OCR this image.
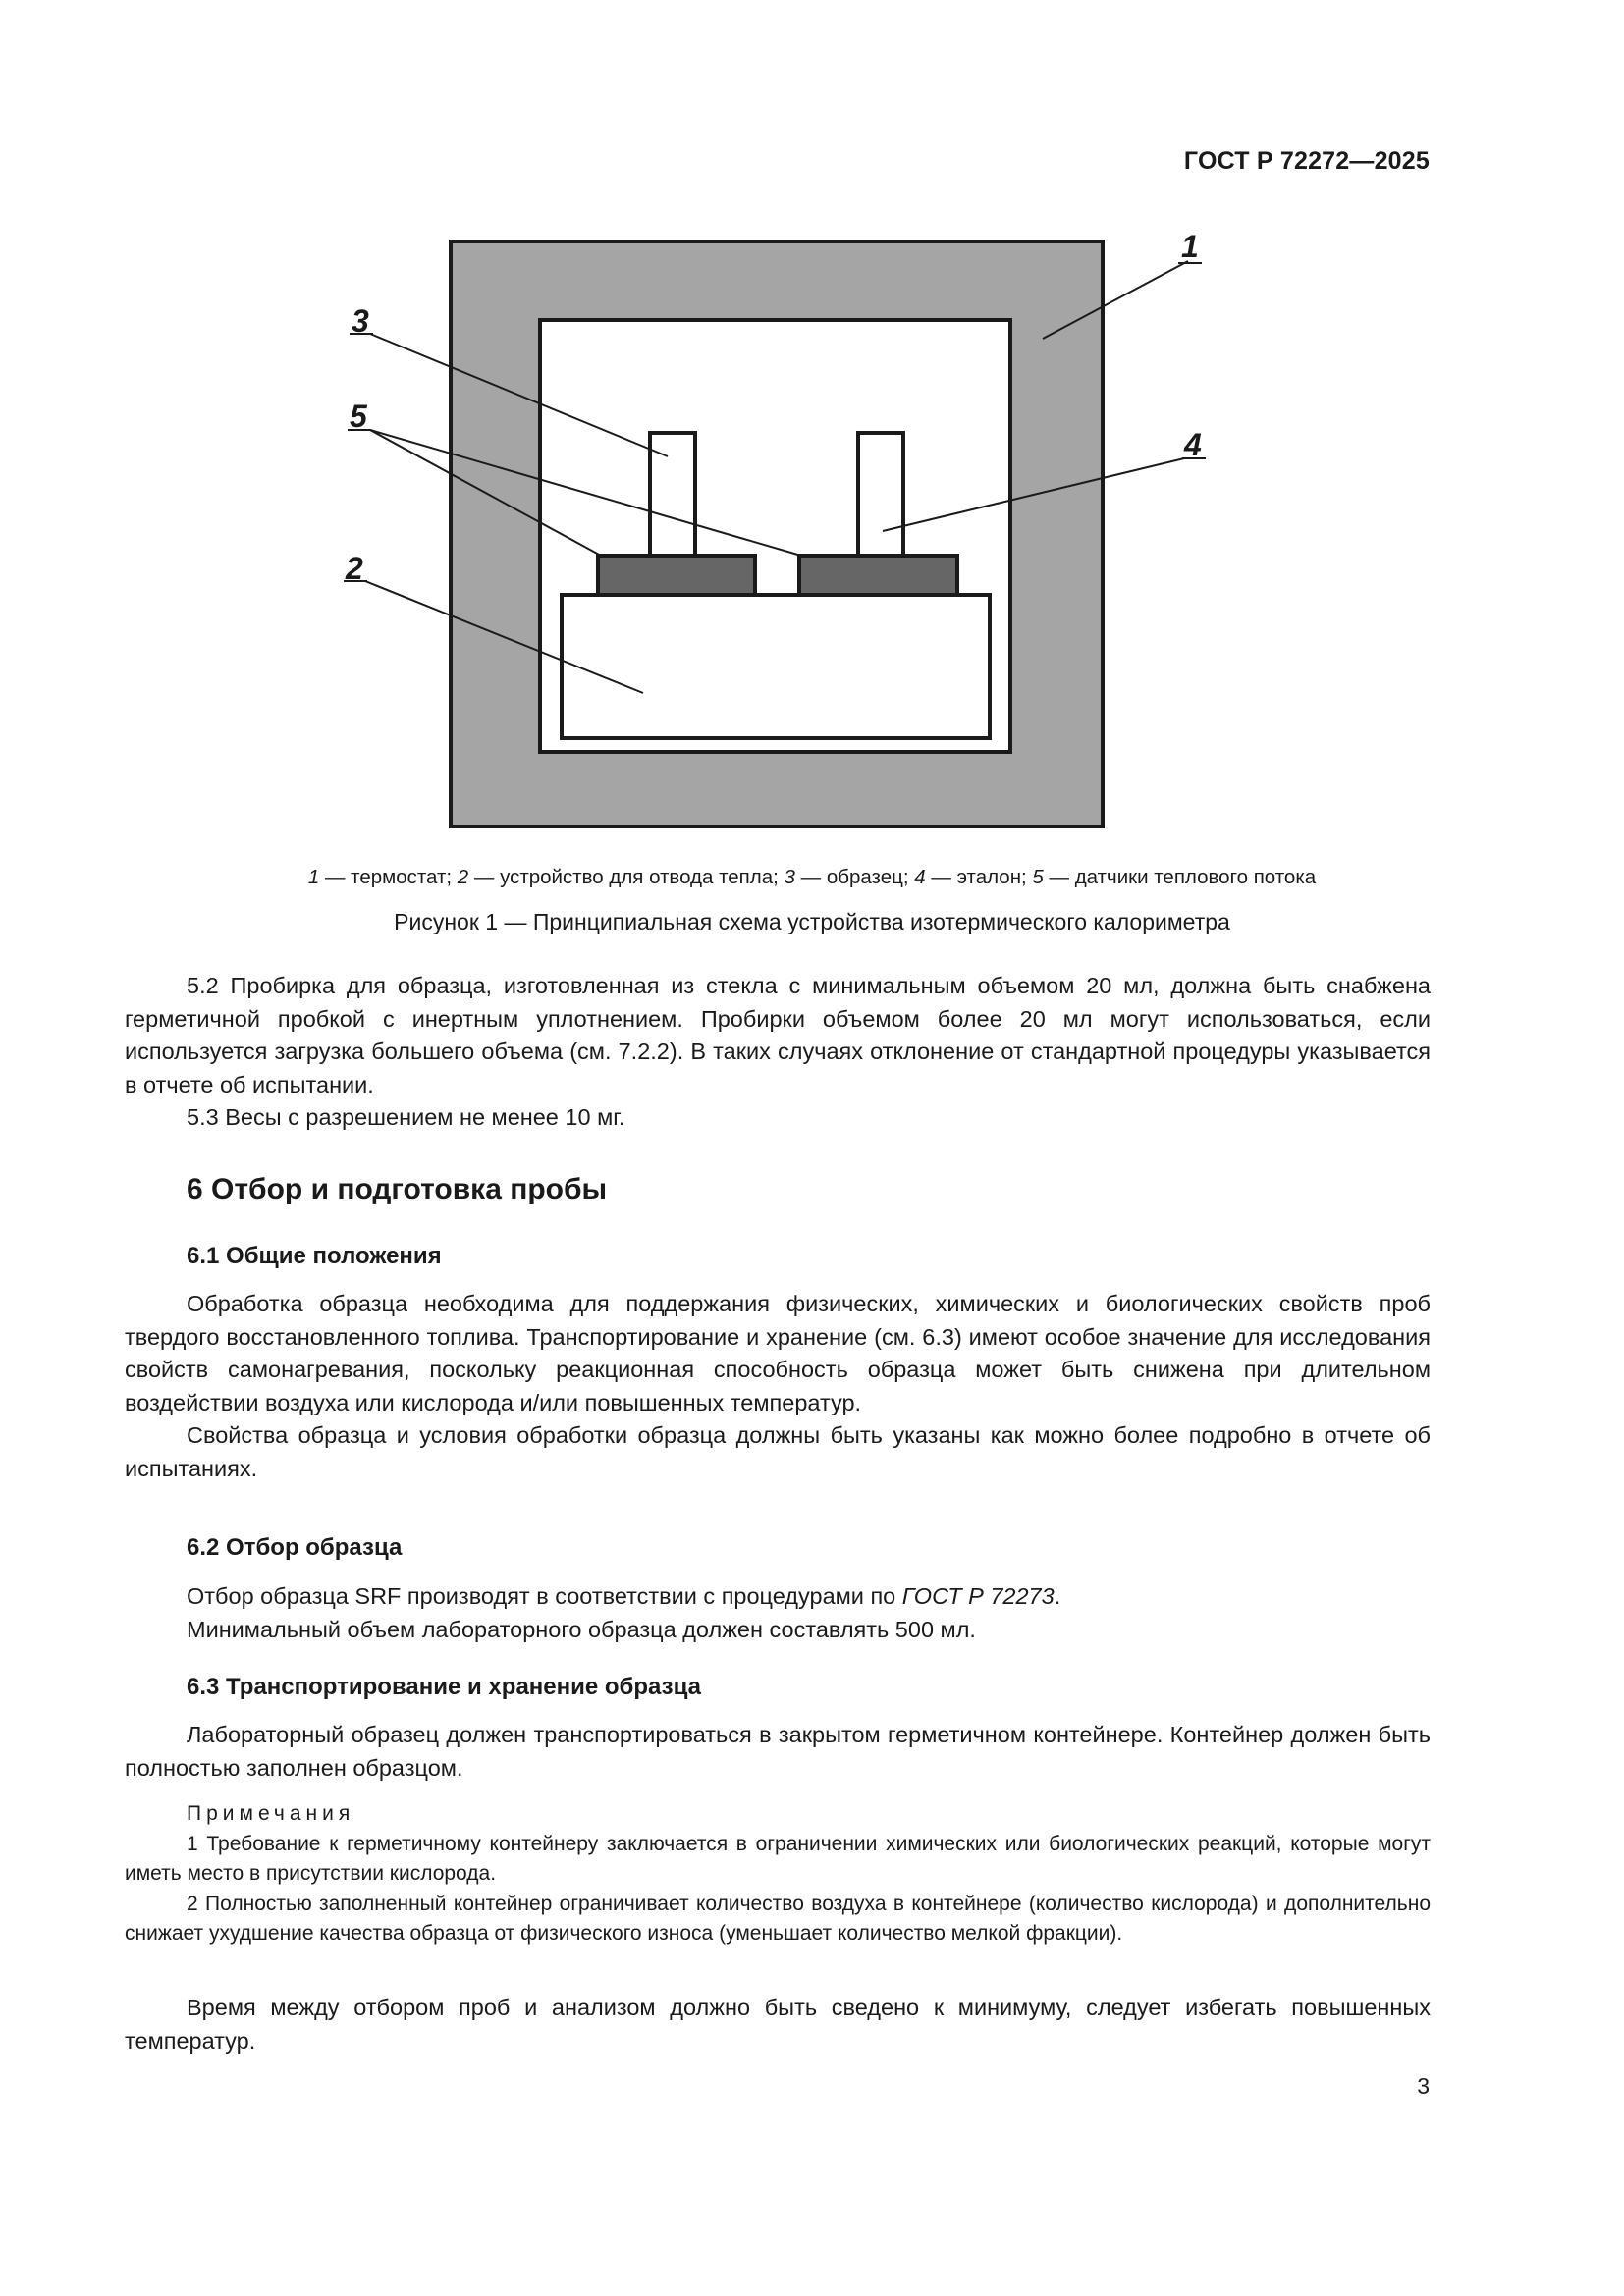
ГОСТ Р 72272—2025
1
3
5
4
2
1 — термостат; 2 — устройство для отвода тепла; 3 — образец; 4 — эталон; 5 — датчики теплового потока
Рисунок 1 — Принципиальная схема устройства изотермического калориметра

5.2 Пробирка для образца, изготовленная из стекла с минимальным объемом 20 мл, должна быть снабжена герметичной пробкой с инертным уплотнением. Пробирки объемом более 20 мл могут использоваться, если используется загрузка большего объема (см. 7.2.2). В таких случаях отклонение от стандартной процедуры указывается в отчете об испытании.

5.3 Весы с разрешением не менее 10 мг.

6 Отбор и подготовка пробы
6.1 Общие положения

Обработка образца необходима для поддержания физических, химических и биологических свойств проб твердого восстановленного топлива. Транспортирование и хранение (см. 6.3) имеют особое значение для исследования свойств самонагревания, поскольку реакционная способность образца может быть снижена при длительном воздействии воздуха или кислорода и/или повышенных температур.

Свойства образца и условия обработки образца должны быть указаны как можно более подробно в отчете об испытаниях.

6.2 Отбор образца

Отбор образца SRF производят в соответствии с процедурами по ГОСТ Р 72273.

Минимальный объем лабораторного образца должен составлять 500 мл.

6.3 Транспортирование и хранение образца

Лабораторный образец должен транспортироваться в закрытом герметичном контейнере. Контейнер должен быть полностью заполнен образцом.

Примечания

1 Требование к герметичному контейнеру заключается в ограничении химических или биологических реакций, которые могут иметь место в присутствии кислорода.

2 Полностью заполненный контейнер ограничивает количество воздуха в контейнере (количество кислорода) и дополнительно снижает ухудшение качества образца от физического износа (уменьшает количество мелкой фракции).

Время между отбором проб и анализом должно быть сведено к минимуму, следует избегать повышенных температур.

3
